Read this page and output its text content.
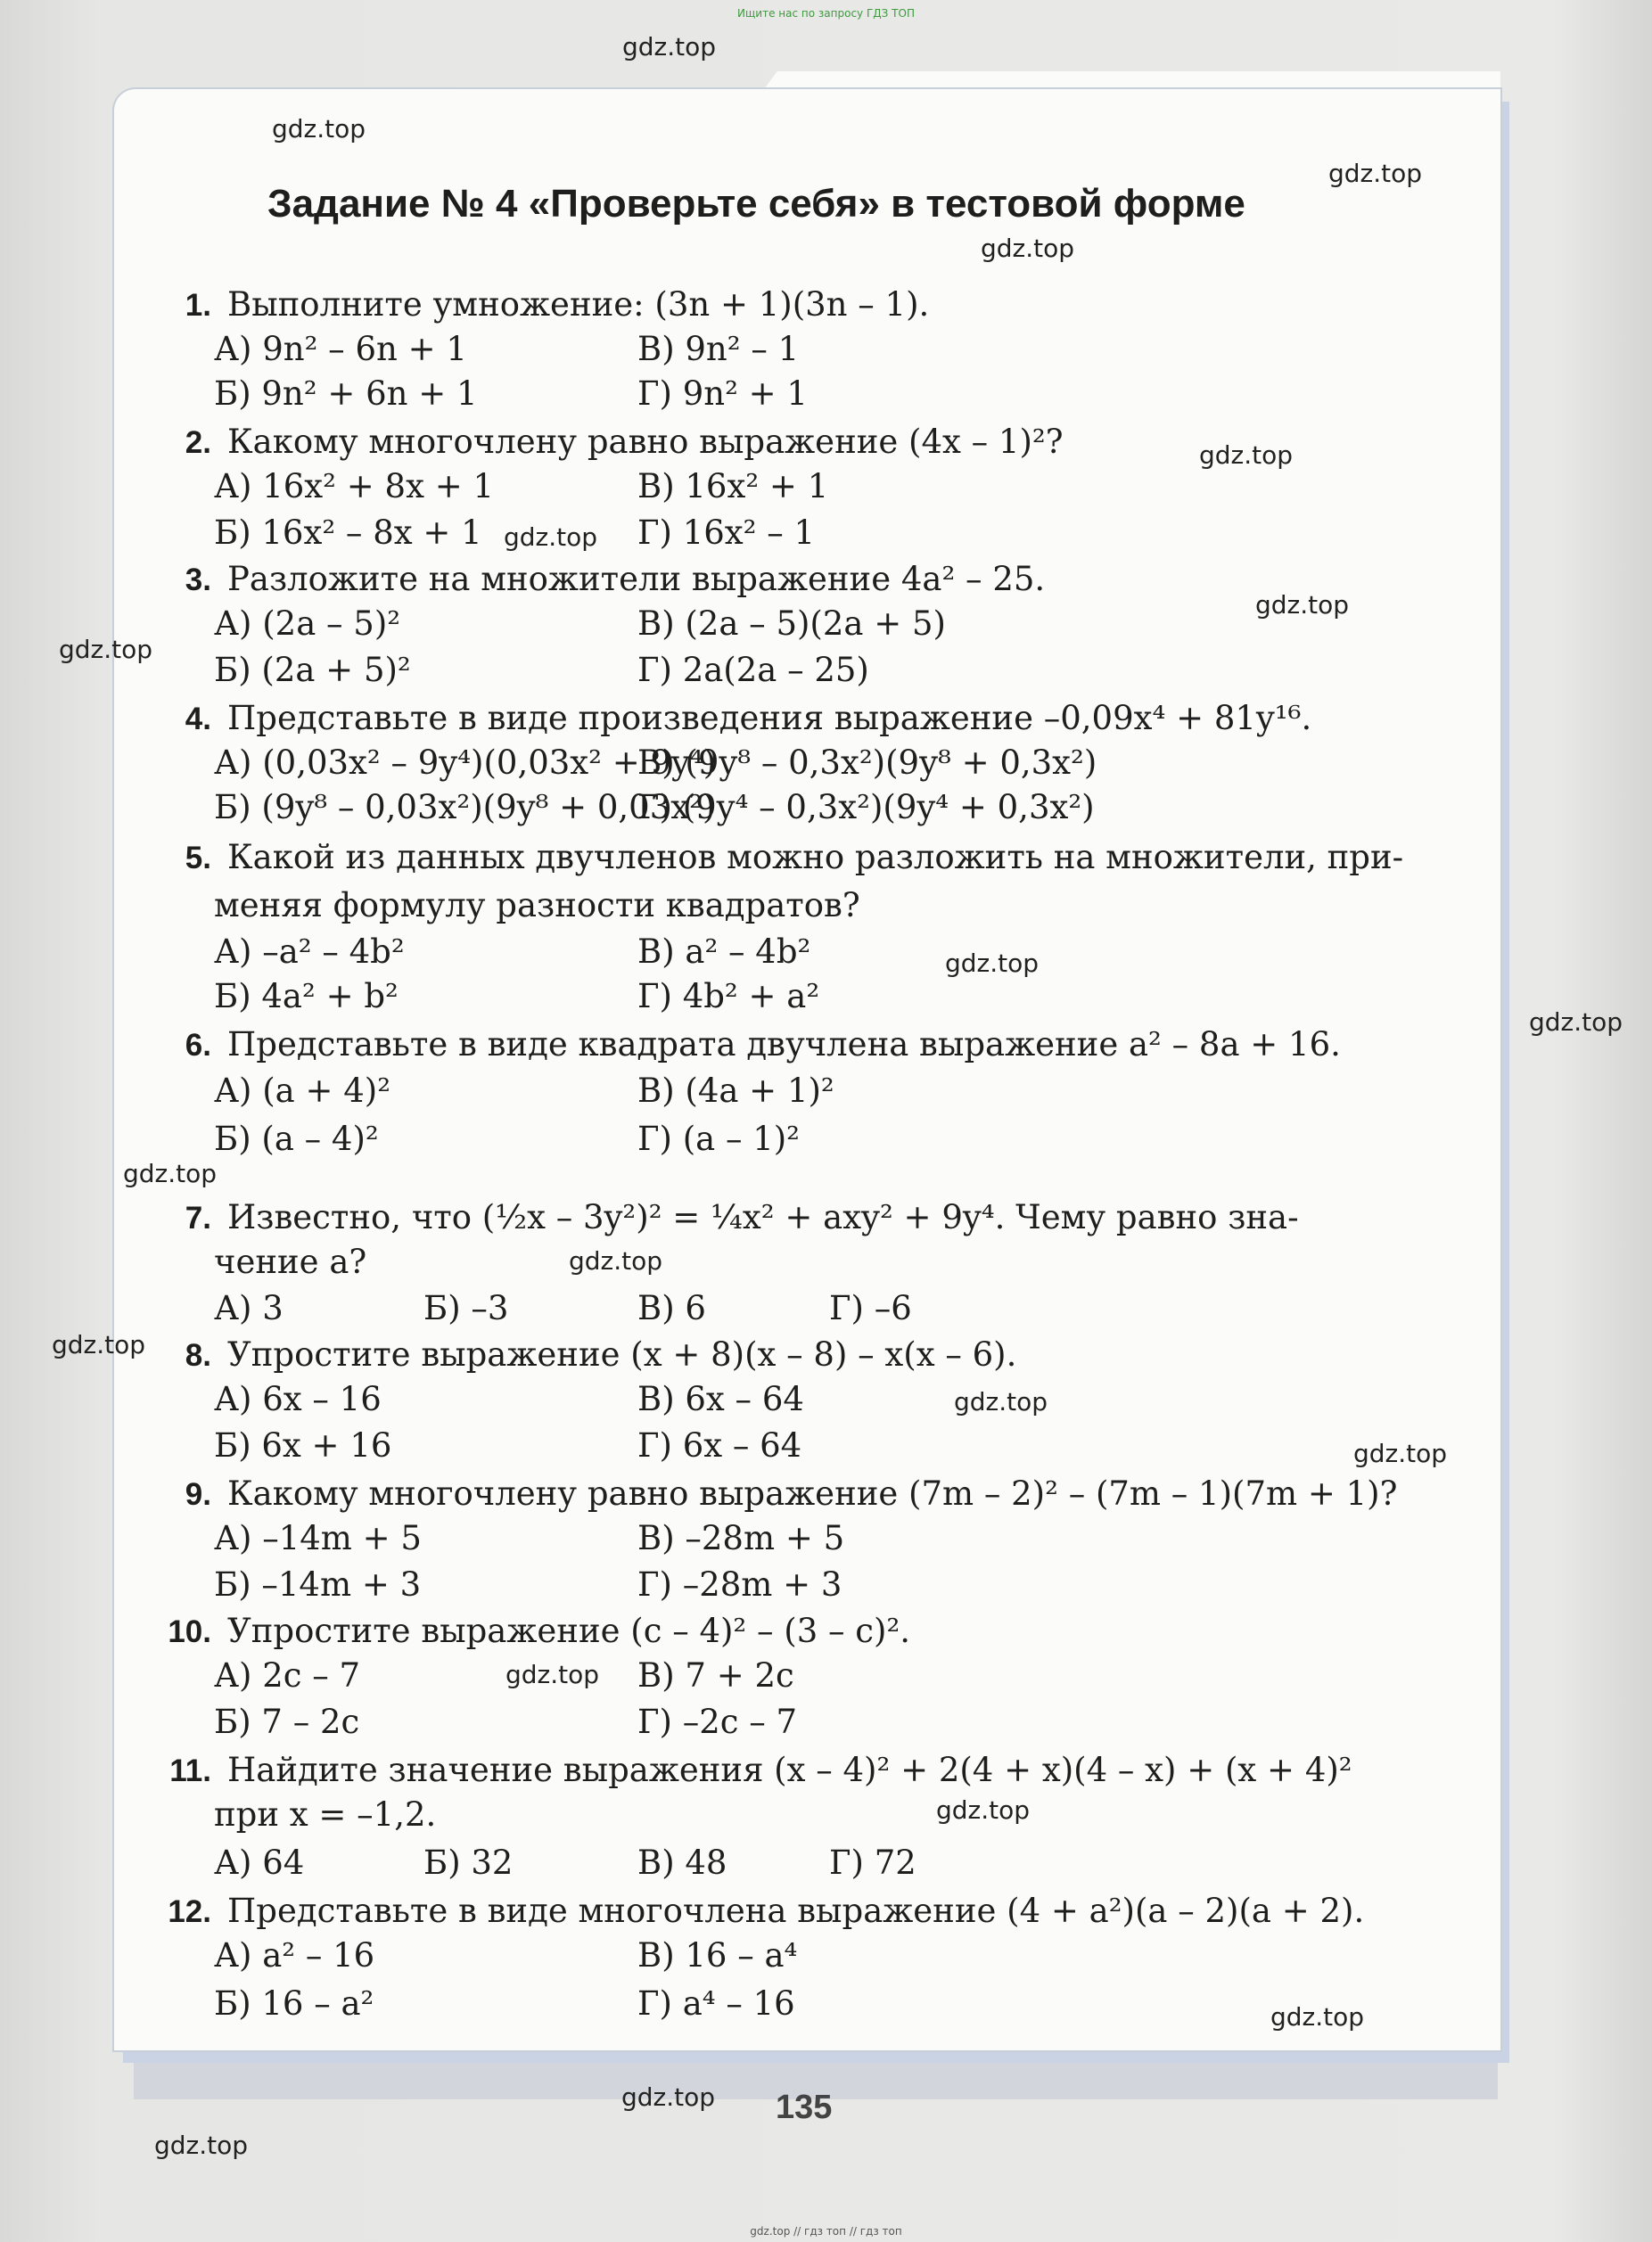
Ищите нас по запросу ГДЗ ТОП
Задание № 4 «Проверьте себя» в тестовой форме
1. Выполните умножение: (3n + 1)(3n – 1).
А) 9n² – 6n + 1	В) 9n² – 1
Б) 9n² + 6n + 1	Г) 9n² + 1
2. Какому многочлену равно выражение (4x – 1)²?
А) 16x² + 8x + 1	В) 16x² + 1
Б) 16x² – 8x + 1	Г) 16x² – 1
3. Разложите на множители выражение 4a² – 25.
А) (2a – 5)²	В) (2a – 5)(2a + 5)
Б) (2a + 5)²	Г) 2a(2a – 25)
4. Представьте в виде произведения выражение –0,09x⁴ + 81y¹⁶.
А) (0,03x² – 9y⁴)(0,03x² + 9y⁴)
В) (9y⁸ – 0,3x²)(9y⁸ + 0,3x²)
Б) (9y⁸ – 0,03x²)(9y⁸ + 0,03x²)
Г) (9y⁴ – 0,3x²)(9y⁴ + 0,3x²)
5. Какой из данных двучленов можно разложить на множители, при-
меняя формулу разности квадратов?
А) –a² – 4b²	В) a² – 4b²
Б) 4a² + b²	Г) 4b² + a²
6. Представьте в виде квадрата двучлена выражение a² – 8a + 16.
А) (a + 4)²	В) (4a + 1)²
Б) (a – 4)²	Г) (a – 1)²
7. Известно, что (½x – 3y²)² = ¼x² + axy² + 9y⁴. Чему равно зна-
чение a?
А) 3	Б) –3	В) 6	Г) –6
8. Упростите выражение (x + 8)(x – 8) – x(x – 6).
А) 6x – 16	В) 6x – 64
Б) 6x + 16	Г) 6x – 64
9. Какому многочлену равно выражение (7m – 2)² – (7m – 1)(7m + 1)?
А) –14m + 5	В) –28m + 5
Б) –14m + 3	Г) –28m + 3
10. Упростите выражение (c – 4)² – (3 – c)².
А) 2c – 7	В) 7 + 2c
Б) 7 – 2c	Г) –2c – 7
11. Найдите значение выражения (x – 4)² + 2(4 + x)(4 – x) + (x + 4)²
при x = –1,2.
А) 64	Б) 32	В) 48	Г) 72
12. Представьте в виде многочлена выражение (4 + a²)(a – 2)(a + 2).
А) a² – 16	В) 16 – a⁴
Б) 16 – a²	Г) a⁴ – 16
135
gdz.top
gdz.top
gdz.top
gdz.top
gdz.top
gdz.top
gdz.top
gdz.top
gdz.top
gdz.top
gdz.top
gdz.top
gdz.top
gdz.top
gdz.top
gdz.top
gdz.top
gdz.top
gdz.top
gdz.top
gdz.top // гдз топ // гдз топ
